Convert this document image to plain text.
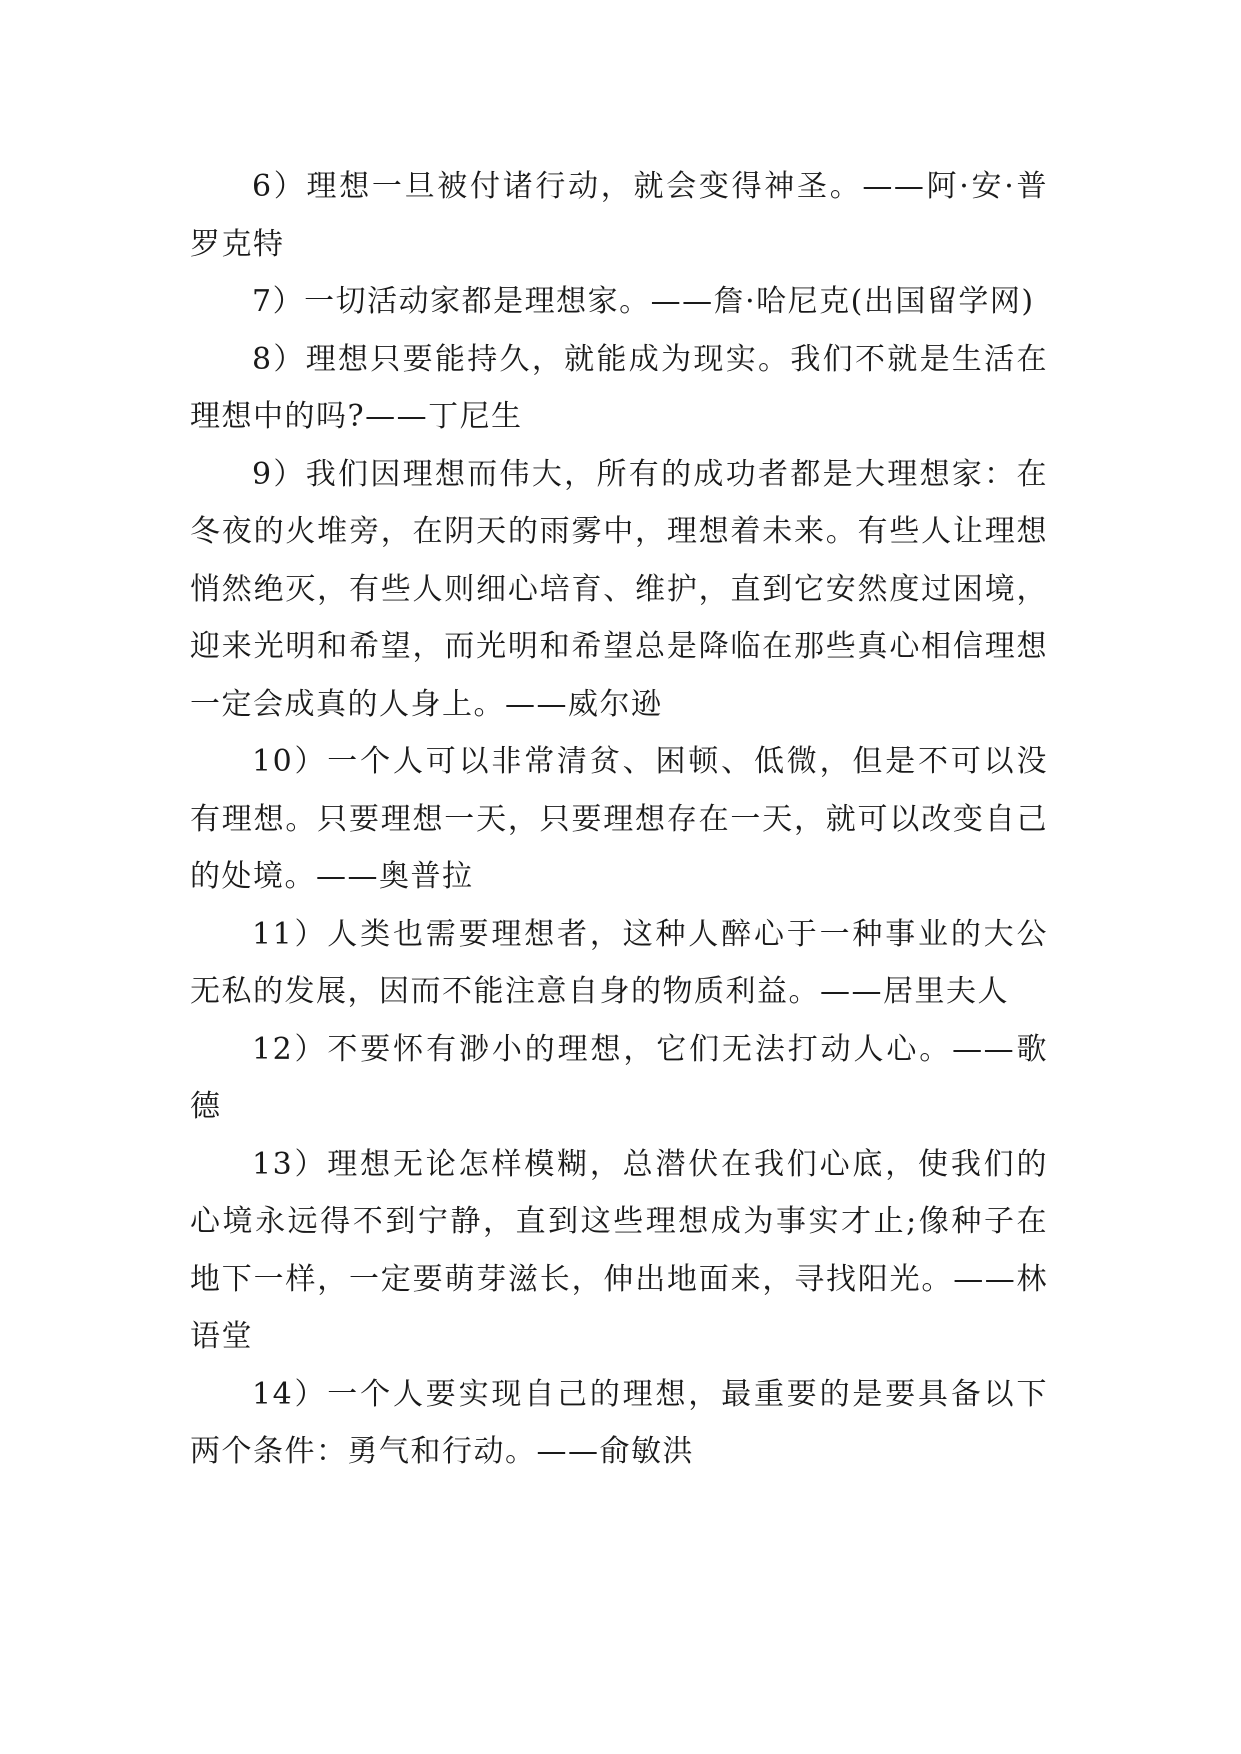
6）理想一旦被付诸行动，就会变得神圣。——阿·安·普罗克特

7）一切活动家都是理想家。——詹·哈尼克(出国留学网)

8）理想只要能持久，就能成为现实。我们不就是生活在理想中的吗?——丁尼生

9）我们因理想而伟大，所有的成功者都是大理想家：在冬夜的火堆旁，在阴天的雨雾中，理想着未来。有些人让理想悄然绝灭，有些人则细心培育、维护，直到它安然度过困境，迎来光明和希望，而光明和希望总是降临在那些真心相信理想一定会成真的人身上。——威尔逊

10）一个人可以非常清贫、困顿、低微，但是不可以没有理想。只要理想一天，只要理想存在一天，就可以改变自己的处境。——奥普拉

11）人类也需要理想者，这种人醉心于一种事业的大公无私的发展，因而不能注意自身的物质利益。——居里夫人

12）不要怀有渺小的理想，它们无法打动人心。——歌德

13）理想无论怎样模糊，总潜伏在我们心底，使我们的心境永远得不到宁静，直到这些理想成为事实才止;像种子在地下一样，一定要萌芽滋长，伸出地面来，寻找阳光。——林语堂

14）一个人要实现自己的理想，最重要的是要具备以下两个条件：勇气和行动。——俞敏洪
